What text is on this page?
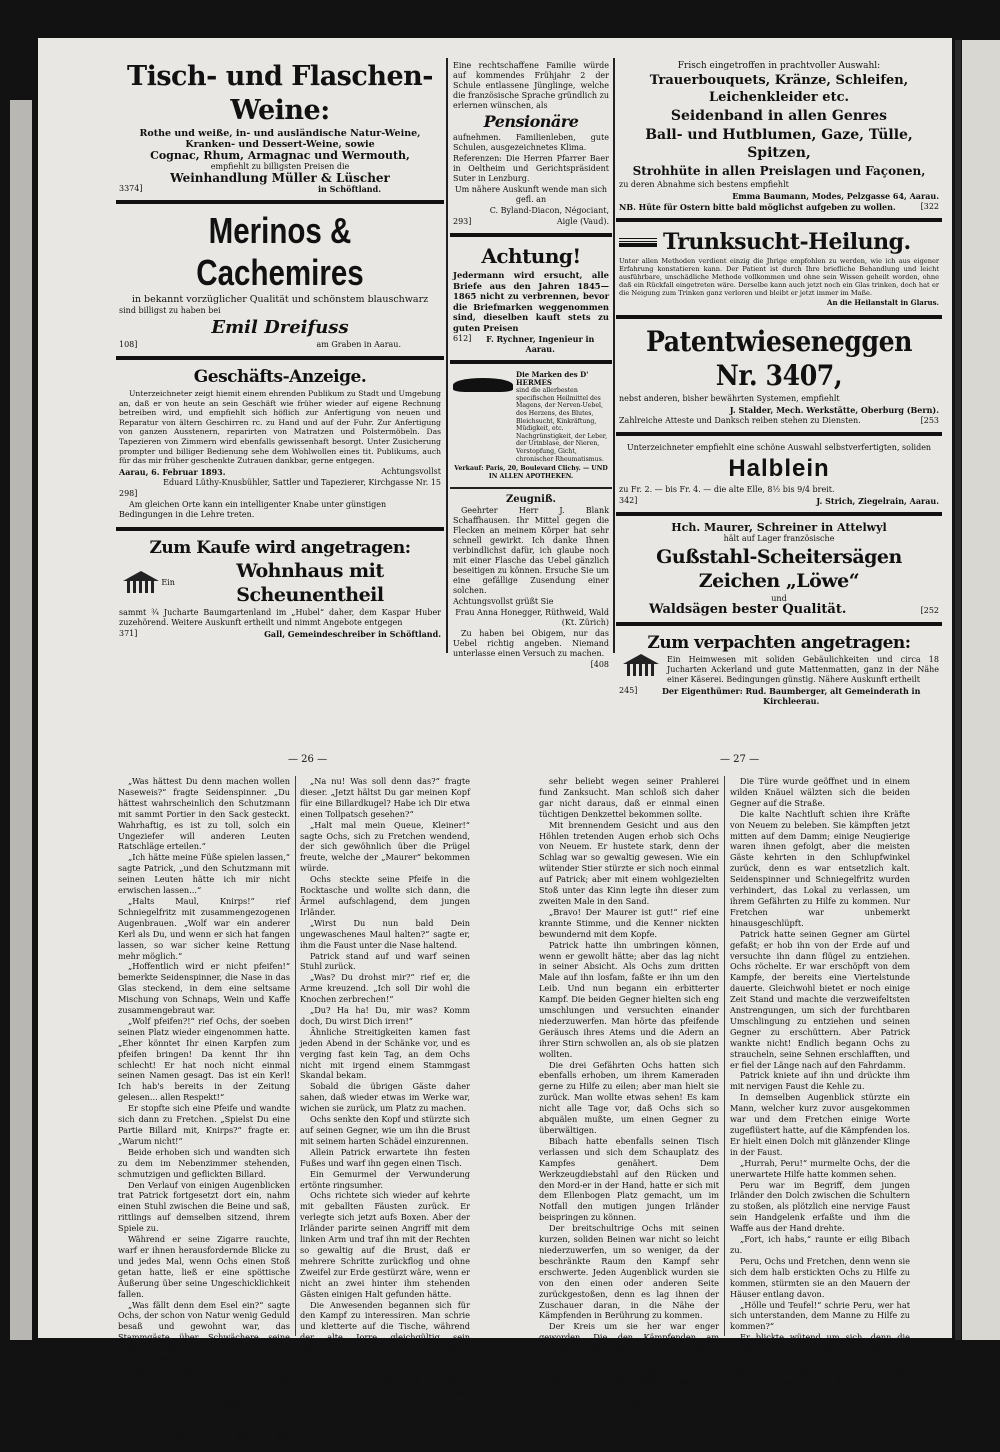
Tisch- und Flaschen-Weine:

Rothe und weiße, in- und ausländische Natur-Weine,

Kranken- und Dessert-Weine, sowie

Cognac, Rhum, Armagnac und Wermouth,

empfiehlt zu billigsten Preisen die

Weinhandlung Müller & Lüscher

3374]	in Schöftland.
Merinos & Cachemires

in bekannt vorzüglicher Qualität und schönstem blauschwarz

sind billigst zu haben bei

Emil Dreifuss

108]	am Graben in Aarau.
Geschäfts-Anzeige.

Unterzeichneter zeigt hiemit einem ehrenden Publikum zu Stadt und Umgebung an, daß er von heute an sein Geschäft wie früher wieder auf eigene Rechnung betreiben wird, und empfiehlt sich höflich zur Anfertigung von neuen und Reparatur von ältern Geschirren rc. zu Hand und auf der Fuhr. Zur Anfertigung von ganzen Ausstenern, reparirten von Matratzen und Polstermöbeln. Das Tapezieren von Zimmern wird ebenfalls gewissenhaft besorgt. Unter Zusicherung prompter und billiger Bedienung sehe dem Wohlwollen eines tit. Publikums, auch für das mir früher geschenkte Zutrauen dankbar, gerne entgegen.

Aarau, 6. Februar 1893.	Achtungsvollst

Eduard Lüthy-Knusbühler, Sattler und Tapezierer, Kirchgasse Nr. 15

298]

Am gleichen Orte kann ein intelligenter Knabe unter günstigen Bedingungen in die Lehre treten.

Zum Kaufe wird angetragen:
Ein
Wohnhaus mit Scheunentheil

sammt ¾ Jucharte Baumgartenland im „Hubel“ daher, dem Kaspar Huber zuzehörend. Weitere Auskunft ertheilt und nimmt Angebote entgegen

371]	Gall, Gemeindeschreiber in Schöftland.

Eine rechtschaffene Familie würde auf kommendes Frühjahr 2 der Schule entlassene Jünglinge, welche die französische Sprache gründlich zu erlernen wünschen, als

Pensionäre

aufnehmen. Familienleben, gute Schulen, ausgezeichnetes Klima.

Referenzen: Die Herren Pfarrer Baer in Oeltheim und Gerichtspräsident Suter in Lenzburg.

Um nähere Auskunft wende man sich gefl. an

C. Byland-Diacon, Négociant,

293]	Aigle (Vaud).
Achtung!

Jedermann wird ersucht, alle Briefe aus den Jahren 1845—1865 nicht zu verbrennen, bevor die Briefmarken weggenommen sind, dieselben kauft stets zu guten Preisen

612]	F. Rychner, Ingenieur in Aarau.

Die Marken des D' HERMES

sind die allerbesten specifischen Heilmittel des Magens, der Nerven-Uebel, des Herzens, des Blutes, Bleichsucht, Kinkräftung, Müdigkeit, etc. Nachgrünstigkeit, der Leber, der Urinblase, der Nieren, Verstopfung, Gicht, chronischer Rheumatismus.

Verkauf: Paris, 20, Boulevard Clichy. — UND IN ALLEN APOTHEKEN.

Zeugniß.

Geehrter Herr J. Blank Schaffhausen. Ihr Mittel gegen die Flecken an meinem Körper hat sehr schnell gewirkt. Ich danke Ihnen verbindlichst dafür, ich glaube noch mit einer Flasche das Uebel gänzlich beseitigen zu können. Ersuche Sie um eine gefällige Zusendung einer solchen.

Achtungsvollst grüßt Sie

Frau Anna Honegger, Rüthweid, Wald (Kt. Zürich)

Zu haben bei Obigem, nur das Uebel richtig angeben. Niemand unterlasse einen Versuch zu machen.

[408

Frisch eingetroffen in prachtvoller Auswahl:

Trauerbouquets, Kränze, Schleifen, Leichenkleider etc.

Seidenband in allen Genres

Ball- und Hutblumen, Gaze, Tülle, Spitzen,

Strohhüte in allen Preislagen und Façonen,

zu deren Abnahme sich bestens empfiehlt

Emma Baumann, Modes, Pelzgasse 64, Aarau.

NB. Hüte für Ostern bitte bald möglichst aufgeben zu wollen.	[322
Trunksucht-Heilung.

Unter allen Methoden verdient einzig die Jhrige empfohlen zu werden, wie ich aus eigener Erfahrung konstatieren kann. Der Patient ist durch Ihre briefliche Behandlung und leicht ausführbare, unschädliche Methode vollkommen und ohne sein Wissen geheilt worden, ohne daß ein Rückfall eingetreten wäre. Derselbe kann auch jetzt noch ein Glas trinken, doch hat er die Neigung zum Trinken ganz verloren und bleibt er jetzt immer im Maße.

An die Heilanstalt in Glarus.

Patentwieseneggen Nr. 3407,

nebst anderen, bisher bewährten Systemen, empfiehlt

J. Stalder, Mech. Werkstätte, Oberburg (Bern).

Zahlreiche Atteste und Danksch reiben stehen zu Diensten.	[253

Unterzeichneter empfiehlt eine schöne Auswahl selbstverfertigten, soliden

Halblein

zu Fr. 2. — bis Fr. 4. — die alte Elle, 8½ bis 9/4 breit.

342]	J. Strich, Ziegelrain, Aarau.

Hch. Maurer, Schreiner in Attelwyl

hält auf Lager französische

Gußstahl-Scheitersägen Zeichen „Löwe“

und

Waldsägen bester Qualität.	[252
Zum verpachten angetragen:

Ein Heimwesen mit soliden Gebäulichkeiten und circa 18 Jucharten Ackerland und gute Mattenmatten, ganz in der Nähe einer Käserei. Bedingungen günstig. Nähere Auskunft ertheilt

245]	Der Eigenthümer: Rud. Baumberger, alt Gemeinderath in Kirchleerau.
— 26 —

„Was hättest Du denn machen wollen Naseweis?“ fragte Seidenspinner. „Du hättest wahrscheinlich den Schutzmann mit sammt Portier in den Sack gesteckt. Wahrhaftig, es ist zu toll, solch ein Ungeziefer will anderen Leuten Ratschläge erteilen.“

„Ich hätte meine Füße spielen lassen,“ sagte Patrick, „und den Schutzmann mit seinen Leuten hätte ich mir nicht erwischen lassen...“

„Halts Maul, Knirps!“ rief Schniegelfritz mit zusammengezogenen Augenbrauen. „Wolf war ein anderer Kerl als Du, und wenn er sich hat fangen lassen, so war sicher keine Rettung mehr möglich.“

„Hoffentlich wird er nicht pfeifen!“ bemerkte Seidenspinner, die Nase in das Glas steckend, in dem eine seltsame Mischung von Schnaps, Wein und Kaffe zusammengebraut war.

„Wolf pfeifen?!“ rief Ochs, der soeben seinen Platz wieder eingenommen hatte. „Eher könntet Ihr einen Karpfen zum pfeifen bringen! Da kennt Ihr ihn schlecht! Er hat noch nicht einmal seinen Namen gesagt. Das ist ein Kerl! Ich hab's bereits in der Zeitung gelesen... allen Respekt!“

Er stopfte sich eine Pfeife und wandte sich dann zu Fretchen. „Spielst Du eine Partie Billard mit, Knirps?“ fragte er. „Warum nicht!“

Beide erhoben sich und wandten sich zu dem im Nebenzimmer stehenden, schmutzigen und geflickten Billard.

Den Verlauf von einigen Augenblicken trat Patrick fortgesetzt dort ein, nahm einen Stuhl zwischen die Beine und saß, rittlings auf demselben sitzend, ihrem Spiele zu.

Während er seine Zigarre rauchte, warf er ihnen herausfordernde Blicke zu und jedes Mal, wenn Ochs einen Stoß getan hatte, ließ er eine spöttische Äußerung über seine Ungeschicklichkeit fallen.

„Was fällt denn dem Esel ein?“ sagte Ochs, der schon von Natur wenig Geduld besaß und gewohnt war, das Stammgäste über Schwächere seine rohe Körperkraft verspüren zu lassen.

Allein Patrick fuhr fort, ihn bei jeder Gelegenheit zu hänseln.

„Warte, mein Junge, ich werde Dir einen kleinen Denkzettel geben,“ sagte Ochs, als er seinen Pfeifenspitz kauend.

Und er ließ seinen nächsten Stoß, den er machte, fuhr er plötzlich mit dem Queue so weit zurück, daß er das Gesicht Patricks streifte.

„Na nu! Was soll denn das?“ fragte dieser. „Jetzt hältst Du gar meinen Kopf für eine Billardkugel? Habe ich Dir etwa einen Tollpatsch gesehen?“

„Halt mal mein Queue, Kleiner!“ sagte Ochs, sich zu Fretchen wendend, der sich gewöhnlich über die Prügel freute, welche der „Maurer“ bekommen würde.

Ochs steckte seine Pfeife in die Rocktasche und wollte sich dann, die Ärmel aufschlagend, dem jungen Irländer.

„Wirst Du nun bald Dein ungewaschenes Maul halten?“ sagte er, ihm die Faust unter die Nase haltend.

Patrick stand auf und warf seinen Stuhl zurück.

„Was? Du drohst mir?“ rief er, die Arme kreuzend. „Ich soll Dir wohl die Knochen zerbrechen!“

„Du? Ha ha! Du, mir was? Komm doch, Du wirst Dich irren!“

Ähnliche Streitigkeiten kamen fast jeden Abend in der Schänke vor, und es verging fast kein Tag, an dem Ochs nicht mit irgend einem Stammgast Skandal bekam.

Sobald die übrigen Gäste daher sahen, daß wieder etwas im Werke war, wichen sie zurück, um Platz zu machen.

Ochs senkte den Kopf und stürzte sich auf seinen Gegner, wie um ihn die Brust mit seinem harten Schädel einzurennen.

Allein Patrick erwartete ihn festen Fußes und warf ihn gegen einen Tisch.

Ein Gemurmel der Verwunderung ertönte ringsumher.

Ochs richtete sich wieder auf kehrte mit geballten Fäusten zurück. Er verlegte sich jetzt aufs Boxen. Aber der Irländer parirte seinen Angriff mit dem linken Arm und traf ihn mit der Rechten so gewaltig auf die Brust, daß er mehrere Schritte zurückflog und ohne Zweifel zur Erde gestürzt wäre, wenn er nicht an zwei hinter ihm stehenden Gästen einigen Halt gefunden hätte.

Die Anwesenden begannen sich für den Kampf zu interessiren. Man schrie und kletterte auf die Tische, während der alte Jorre gleichgültig sein Häufchen Zucker auf dem kleinen Marmor seines Büffets zu einander reihte.

Es war das erste Mal, daß Ochs einen solchen Gegner vor sich hatte. Er war nicht

— 27 —

sehr beliebt wegen seiner Prahlerei fund Zanksucht. Man schloß sich daher gar nicht daraus, daß er einmal einen tüchtigen Denkzettel bekommen sollte.

Mit brennendem Gesicht und aus den Höhlen tretenden Augen erhob sich Ochs von Neuem. Er hustete stark, denn der Schlag war so gewaltig gewesen. Wie ein wütender Stier stürzte er sich noch einmal auf Patrick; aber mit einem wohlgezielten Stoß unter das Kinn legte ihn dieser zum zweiten Male in den Sand.

„Bravo! Der Maurer ist gut!“ rief eine krannte Stimme, und die Kenner nickten bewundernd mit dem Kopfe.

Patrick hatte ihn umbringen können, wenn er gewollt hätte; aber das lag nicht in seiner Absicht. Als Ochs zum dritten Male auf ihn losfam, faßte er ihn um den Leib. Und nun begann ein erbitterter Kampf. Die beiden Gegner hielten sich eng umschlungen und versuchten einander niederzuwerfen. Man hörte das pfeifende Geräusch ihres Atems und die Adern an ihrer Stirn schwollen an, als ob sie platzen wollten.

Die drei Gefährten Ochs hatten sich ebenfalls erhoben, um ihrem Kameraden gerne zu Hilfe zu eilen; aber man hielt sie zurück. Man wollte etwas sehen! Es kam nicht alle Tage vor, daß Ochs sich so abquälen mußte, um einen Gegner zu überwältigen.

Bibach hatte ebenfalls seinen Tisch verlassen und sich dem Schauplatz des Kampfes genähert. Dem Werkzeugdiebstahl auf den Rücken und den Mord-er in der Hand, hatte er sich mit dem Ellenbogen Platz gemacht, um im Notfall den mutigen jungen Irländer beispringen zu können.

Der breitschultrige Ochs mit seinen kurzen, soliden Beinen war nicht so leicht niederzuwerfen, um so weniger, da der beschränkte Raum den Kampf sehr erschwerte. Jeden Augenblick wurden sie von den einen oder anderen Seite zurückgestoßen, denn es lag ihnen der Zuschauer daran, in die Nähe der Kämpfenden in Berührung zu kommen.

Der Kreis um sie her war enger geworden. Die den Kämpfenden am nächsten Stehenden waren förmlich eingekeilt und befanden sich in einer ziemlich gefährlichen Lage, denn Ochs stieß gewaltig mit den Füßen um sich.

„Auf die Straße mit ihnen!“ schrie man. „Jawohl, hinaus!“ brüllten Andere.

Die Türe wurde geöffnet und in einem wilden Knäuel wälzten sich die beiden Gegner auf die Straße.

Die kalte Nachtluft schien ihre Kräfte von Neuem zu beleben. Sie kämpften jetzt mitten auf dem Damm; einige Neugierige waren ihnen gefolgt, aber die meisten Gäste kehrten in den Schlupfwinkel zurück, denn es war entsetzlich kalt. Seidenspinner und Schniegelfritz wurden verhindert, das Lokal zu verlassen, um ihrem Gefährten zu Hilfe zu kommen. Nur Fretchen war unbemerkt hinausgeschlüpft.

Patrick hatte seinen Gegner am Gürtel gefaßt; er hob ihn von der Erde auf und versuchte ihn dann flügel zu entziehen. Ochs röchelte. Er war erschöpft von dem Kampfe, der bereits eine Viertelstunde dauerte. Gleichwohl bietet er noch einige Zeit Stand und machte die verzweifeltsten Anstrengungen, um sich der furchtbaren Umschlingung zu entziehen und seinen Gegner zu erschüttern. Aber Patrick wankte nicht! Endlich begann Ochs zu straucheln, seine Sehnen erschlafften, und er fiel der Länge nach auf den Fahrdamm.

Patrick kniete auf ihn und drückte ihm mit nervigen Faust die Kehle zu.

In demselben Augenblick stürzte ein Mann, welcher kurz zuvor ausgekommen war und dem Fretchen einige Worte zugeflüstert hatte, auf die Kämpfenden los. Er hielt einen Dolch mit glänzender Klinge in der Faust.

„Hurrah, Peru!“ murmelte Ochs, der die unerwartete Hilfe hatte kommen sehen.

Peru war im Begriff, dem jungen Irländer den Dolch zwischen die Schultern zu stoßen, als plötzlich eine nervige Faust sein Handgelenk erfaßte und ihm die Waffe aus der Hand drehte.

„Fort, ich habs,“ raunte er eilig Bibach zu.

Peru, Ochs und Fretchen, denn wenn sie sich dem halb erstickten Ochs zu Hilfe zu kommen, stürmten sie an den Mauern der Häuser entlang davon.

„Hölle und Teufel!“ schrie Peru, wer hat sich unterstanden, dem Manne zu Hilfe zu kommen?“

Er blickte wütend um sich, denn die Dunkelheit der Nacht und die Schnelligkeit, mit der die Szene sich abgespielt, hatten ihn verhindert, das Gesicht dessen, der ihm den Dolch entrissen hatte, zu erkennen.
